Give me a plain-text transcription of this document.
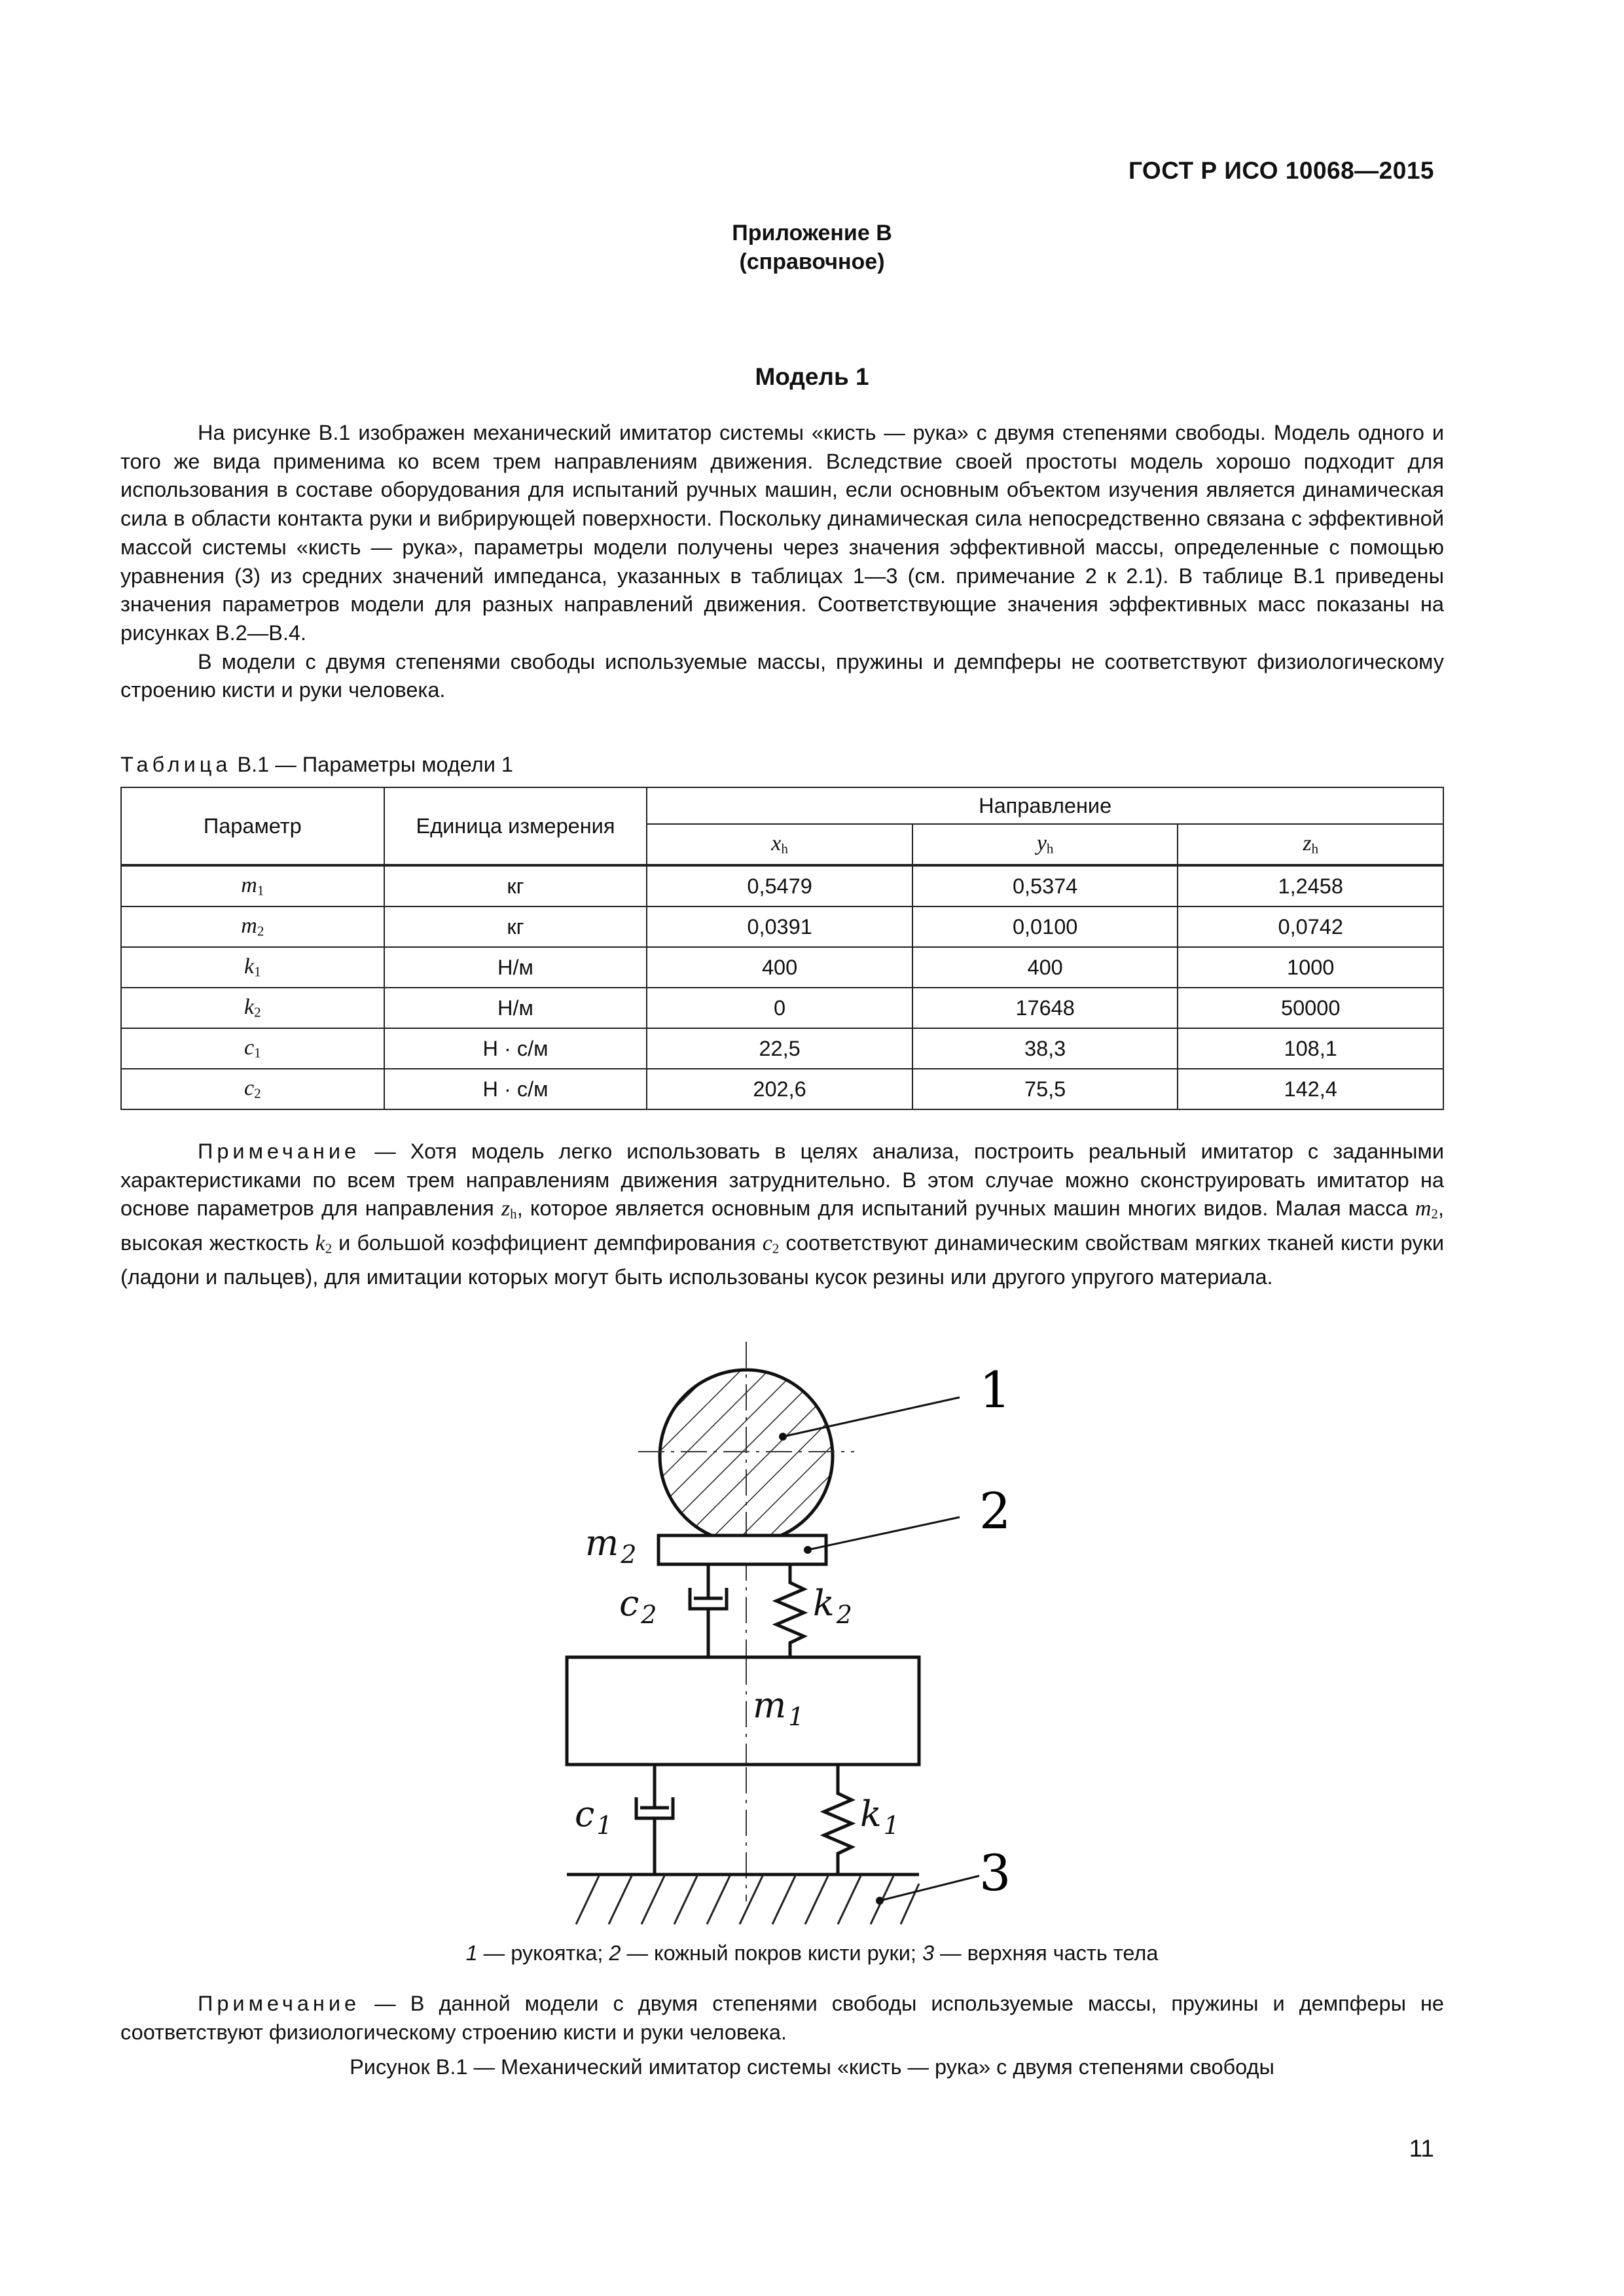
ГОСТ Р ИСО 10068—2015
Приложение В
(справочное)
Модель 1

На рисунке В.1 изображен механический имитатор системы «кисть — рука» с двумя степенями свободы. Модель одного и того же вида применима ко всем трем направлениям движения. Вследствие своей простоты модель хорошо подходит для использования в составе оборудования для испытаний ручных машин, если основным объектом изучения является динамическая сила в области контакта руки и вибрирующей поверхности. Поскольку динамическая сила непосредственно связана с эффективной массой системы «кисть — рука», параметры модели получены через значения эффективной массы, определенные с помощью уравнения (3) из средних значений импеданса, указанных в таблицах 1—3 (см. примечание 2 к 2.1). В таблице В.1 приведены значения параметров модели для разных направлений движения. Соответствующие значения эффективных масс показаны на рисунках В.2—В.4.

В модели с двумя степенями свободы используемые массы, пружины и демпферы не соответствуют физиологическому строению кисти и руки человека.

Таблица В.1 — Параметры модели 1
Параметр	Единица измерения	Направление		
		$x_h$	$y_h$	$z_h$
$m_1$	кг	0,5479	0,5374	1,2458
$m_2$	кг	0,0391	0,0100	0,0742
$k_1$	Н/м	400	400	1000
$k_2$	Н/м	0	17648	50000
$c_1$	Н · с/м	22,5	38,3	108,1
$c_2$	Н · с/м	202,6	75,5	142,4

Примечание — Хотя модель легко использовать в целях анализа, построить реальный имитатор с заданными характеристиками по всем трем направлениям движения затруднительно. В этом случае можно сконструировать имитатор на основе параметров для направления $z_h$, которое является основным для испытаний ручных машин многих видов. Малая масса $m_2$, высокая жесткость $k_2$ и большой коэффициент демпфирования $c_2$ соответствуют динамическим свойствам мягких тканей кисти руки (ладони и пальцев), для имитации которых могут быть использованы кусок резины или другого упругого материала.

1
2
3
$m_2$
$c_2$	$k_2$
$m_1$
$c_1$	$k_1$
1 — рукоятка; 2 — кожный покров кисти руки; 3 — верхняя часть тела

Примечание — В данной модели с двумя степенями свободы используемые массы, пружины и демпферы не соответствуют физиологическому строению кисти и руки человека.

Рисунок В.1 — Механический имитатор системы «кисть — рука» с двумя степенями свободы
11
